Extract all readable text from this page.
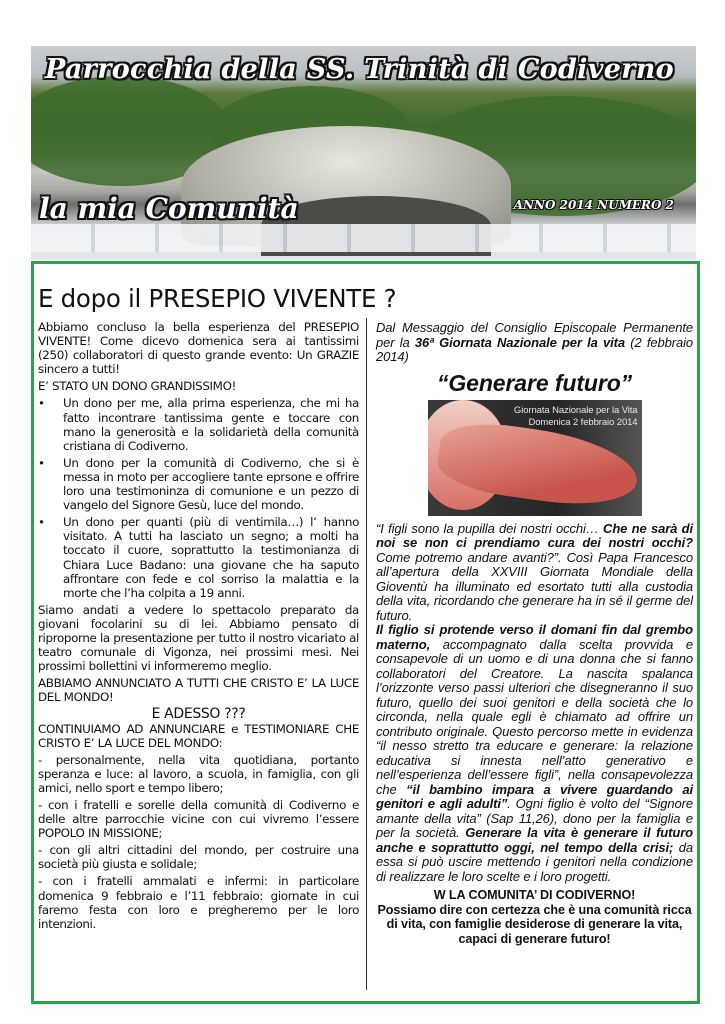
Parrocchia della SS. Trinità di Codiverno
la mia Comunità	ANNO 2014 NUMERO 2
E dopo il PRESEPIO VIVENTE ?

Abbiamo concluso la bella esperienza del PRESEPIO VIVENTE! Come dicevo domenica sera ai tantissimi (250) collaboratori di questo grande evento: Un GRAZIE sincero a tutti!

E’ STATO UN DONO GRANDISSIMO!

• Un dono per me, alla prima esperienza, che mi ha fatto incontrare tantissima gente e toccare con mano la generosità e la solidarietà della comunità cristiana di Codiverno.
• Un dono per la comunità di Codiverno, che si è messa in moto per accogliere tante eprsone e offrire loro una testimoninza di comunione e un pezzo di vangelo del Signore Gesù, luce del mondo.
• Un dono per quanti (più di ventimila…) l’ hanno visitato. A tutti ha lasciato un segno; a molti ha toccato il cuore, soprattutto la testimonianza di Chiara Luce Badano: una giovane che ha saputo affrontare con fede e col sorriso la malattia e la morte che l’ha colpita a 19 anni.

Siamo andati a vedere lo spettacolo preparato da giovani focolarini su di lei. Abbiamo pensato di riproporne la presentazione per tutto il nostro vicariato al teatro comunale di Vigonza, nei prossimi mesi. Nei prossimi bollettini vi informeremo meglio.

ABBIAMO ANNUNCIATO A TUTTI CHE CRISTO E’ LA LUCE DEL MONDO!

E ADESSO ???

CONTINUIAMO AD ANNUNCIARE e TESTIMONIARE CHE CRISTO E’ LA LUCE DEL MONDO:

- personalmente, nella vita quotidiana, portanto speranza e luce: al lavoro, a scuola, in famiglia, con gli amici, nello sport e tempo libero;

- con i fratelli e sorelle della comunità di Codiverno e delle altre parrocchie vicine con cui vivremo l’essere POPOLO IN MISSIONE;

- con gli altri cittadini del mondo, per costruire una società più giusta e solidale;

- con i fratelli ammalati e infermi: in particolare domenica 9 febbraio e l’11 febbraio: giornate in cui faremo festa con loro e pregheremo per le loro intenzioni.

Dal Messaggio del Consiglio Episcopale Permanente per la 36ª Giornata Nazionale per la vita (2 febbraio 2014)

“Generare futuro”

Giornata Nazionale per la Vita
Domenica 2 febbraio 2014

“I figli sono la pupilla dei nostri occhi… Che ne sarà di noi se non ci prendiamo cura dei nostri occhi? Come potremo andare avanti?”. Così Papa Francesco all’apertura della XXVIII Giornata Mondiale della Gioventù ha illuminato ed esortato tutti alla custodia della vita, ricordando che generare ha in sé il germe del futuro.

Il figlio si protende verso il domani fin dal grembo materno, accompagnato dalla scelta provvida e consapevole di un uomo e di una donna che si fanno collaboratori del Creatore. La nascita spalanca l’orizzonte verso passi ulteriori che disegneranno il suo futuro, quello dei suoi genitori e della società che lo circonda, nella quale egli è chiamato ad offrire un contributo originale. Questo percorso mette in evidenza “il nesso stretto tra educare e generare: la relazione educativa si innesta nell’atto generativo e nell’esperienza dell’essere figli”, nella consapevolezza che “il bambino impara a vivere guardando ai genitori e agli adulti”. Ogni figlio è volto del “Signore amante della vita” (Sap 11,26), dono per la famiglia e per la società. Generare la vita è generare il futuro anche e soprattutto oggi, nel tempo della crisi; da essa si può uscire mettendo i genitori nella condizione di realizzare le loro scelte e i loro progetti.

W LA COMUNITA’ DI CODIVERNO!

Possiamo dire con certezza che è una comunità ricca di vita, con famiglie desiderose di generare la vita, capaci di generare futuro!
